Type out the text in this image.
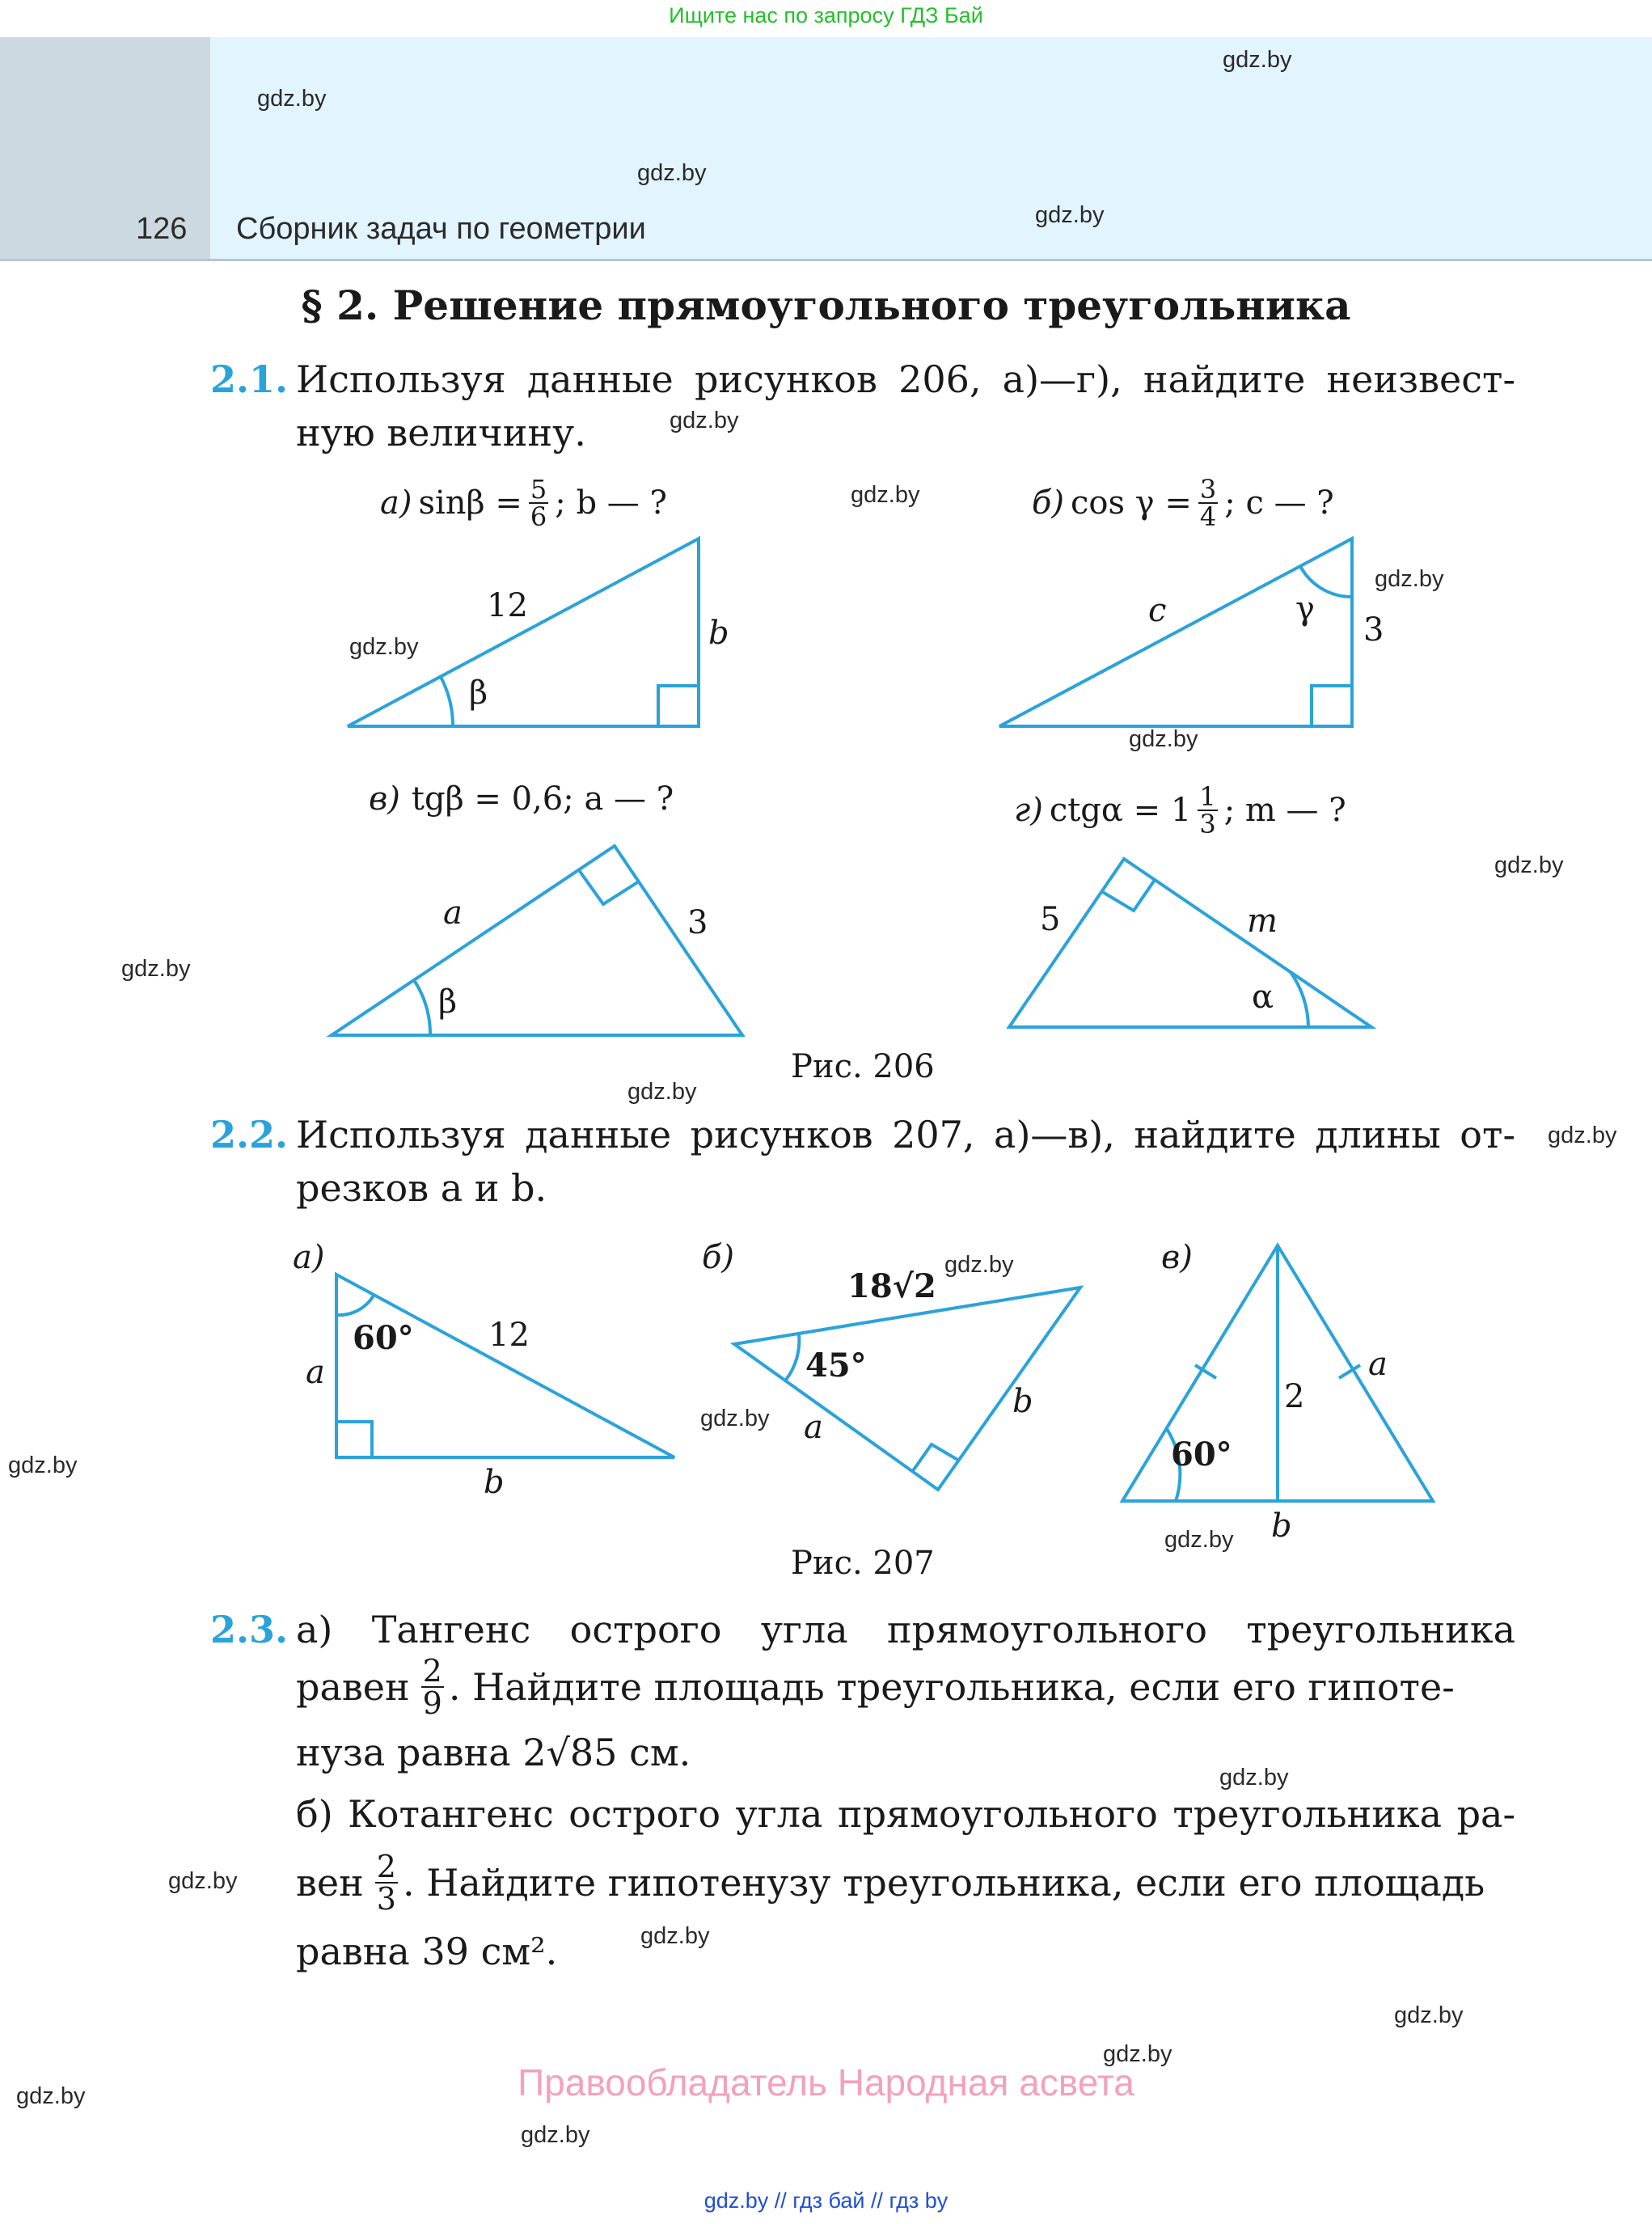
Ищите нас по запросу ГДЗ Бай
126 Сборник задач по геометрии
gdz.by
gdz.by
gdz.by
gdz.by
gdz.by
gdz.by
gdz.by
gdz.by
gdz.by
gdz.by
gdz.by
gdz.by
gdz.by
gdz.by
gdz.by
gdz.by
gdz.by
gdz.by
gdz.by
gdz.by
gdz.by
gdz.by
gdz.by
gdz.by
§ 2. Решение прямоугольного треугольника
2.1. Используя данные рисунков 206, а)—г), найдите неизвест-
ную величину.
а) $\sin\beta = \frac{5}{6}$ ; b — ?	б) $\cos \gamma = \frac{3}{4}$ ; c — ?
в) tgβ = 0,6; a — ?	г) $ctg\alpha = 1 \frac{1}{3}$ ; m — ?
12
b
β
c
3
γ
a	3
β
5	m
α
а)
60° 12
a
b
б)
18√2
45°
a
b
в)
60°
2
a
b
Рис. 206
2.2. Используя данные рисунков 207, а)—в), найдите длины от-
резков a и b.
Рис. 207
2.3. а) Тангенс острого угла прямоугольного треугольника
равен $\frac{2}{9}$ . Найдите площадь треугольника, если его гипоте-
нуза равна 2√85 см.
б) Котангенс острого угла прямоугольного треугольника ра-
вен $\frac{2}{3}$ . Найдите гипотенузу треугольника, если его площадь
равна 39 см².
Правообладатель Народная асвета
gdz.by // гдз бай // гдз by
